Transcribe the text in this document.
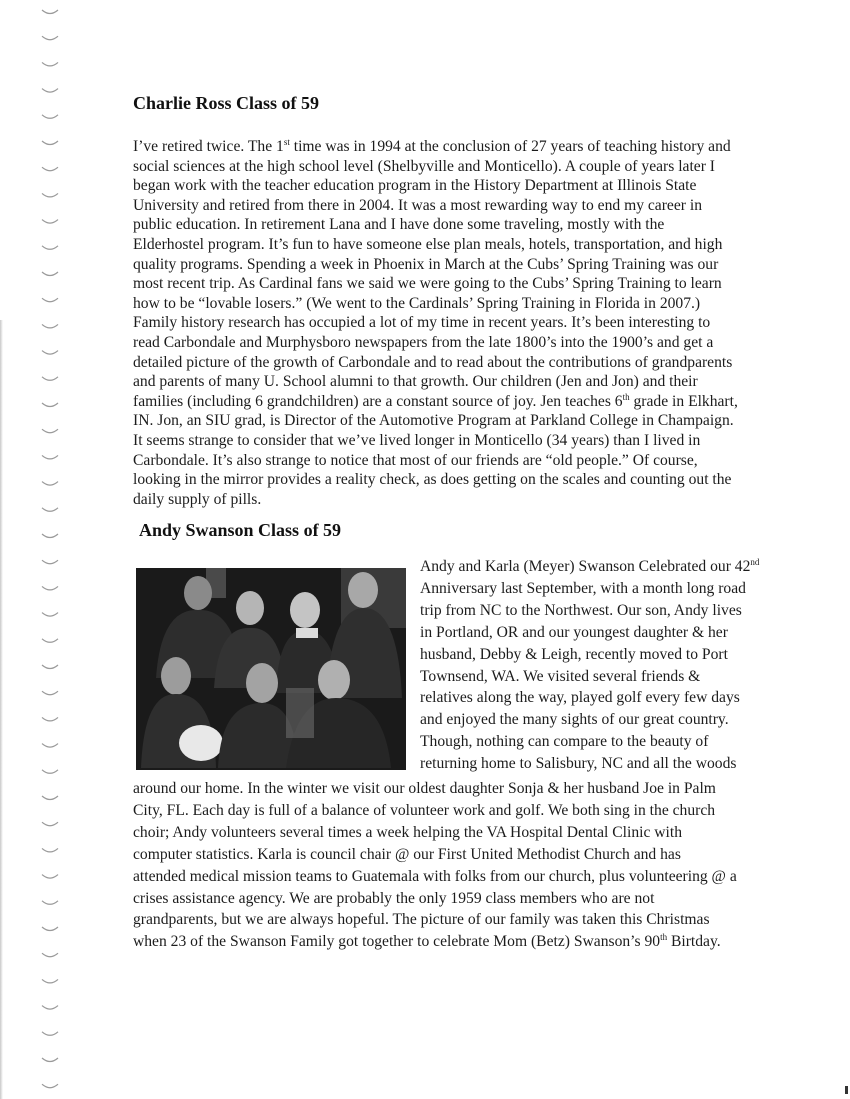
Charlie Ross Class of 59
I’ve retired twice. The 1st time was in 1994 at the conclusion of 27 years of teaching history and
social sciences at the high school level (Shelbyville and Monticello). A couple of years later I
began work with the teacher education program in the History Department at Illinois State
University and retired from there in 2004. It was a most rewarding way to end my career in
public education. In retirement Lana and I have done some traveling, mostly with the
Elderhostel program. It’s fun to have someone else plan meals, hotels, transportation, and high
quality programs. Spending a week in Phoenix in March at the Cubs’ Spring Training was our
most recent trip. As Cardinal fans we said we were going to the Cubs’ Spring Training to learn
how to be “lovable losers.” (We went to the Cardinals’ Spring Training in Florida in 2007.)
Family history research has occupied a lot of my time in recent years. It’s been interesting to
read Carbondale and Murphysboro newspapers from the late 1800’s into the 1900’s and get a
detailed picture of the growth of Carbondale and to read about the contributions of grandparents
and parents of many U. School alumni to that growth. Our children (Jen and Jon) and their
families (including 6 grandchildren) are a constant source of joy. Jen teaches 6th grade in Elkhart,
IN. Jon, an SIU grad, is Director of the Automotive Program at Parkland College in Champaign.
It seems strange to consider that we’ve lived longer in Monticello (34 years) than I lived in
Carbondale. It’s also strange to notice that most of our friends are “old people.” Of course,
looking in the mirror provides a reality check, as does getting on the scales and counting out the
daily supply of pills.
Andy Swanson Class of 59
Andy and Karla (Meyer) Swanson Celebrated our 42nd
Anniversary last September, with a month long road
trip from NC to the Northwest. Our son, Andy lives
in Portland, OR and our youngest daughter & her
husband, Debby & Leigh, recently moved to Port
Townsend, WA. We visited several friends &
relatives along the way, played golf every few days
and enjoyed the many sights of our great country.
Though, nothing can compare to the beauty of
returning home to Salisbury, NC and all the woods
around our home. In the winter we visit our oldest daughter Sonja & her husband Joe in Palm
City, FL. Each day is full of a balance of volunteer work and golf. We both sing in the church
choir; Andy volunteers several times a week helping the VA Hospital Dental Clinic with
computer statistics. Karla is council chair @ our First United Methodist Church and has
attended medical mission teams to Guatemala with folks from our church, plus volunteering @ a
crises assistance agency. We are probably the only 1959 class members who are not
grandparents, but we are always hopeful. The picture of our family was taken this Christmas
when 23 of the Swanson Family got together to celebrate Mom (Betz) Swanson’s 90th Birtday.
